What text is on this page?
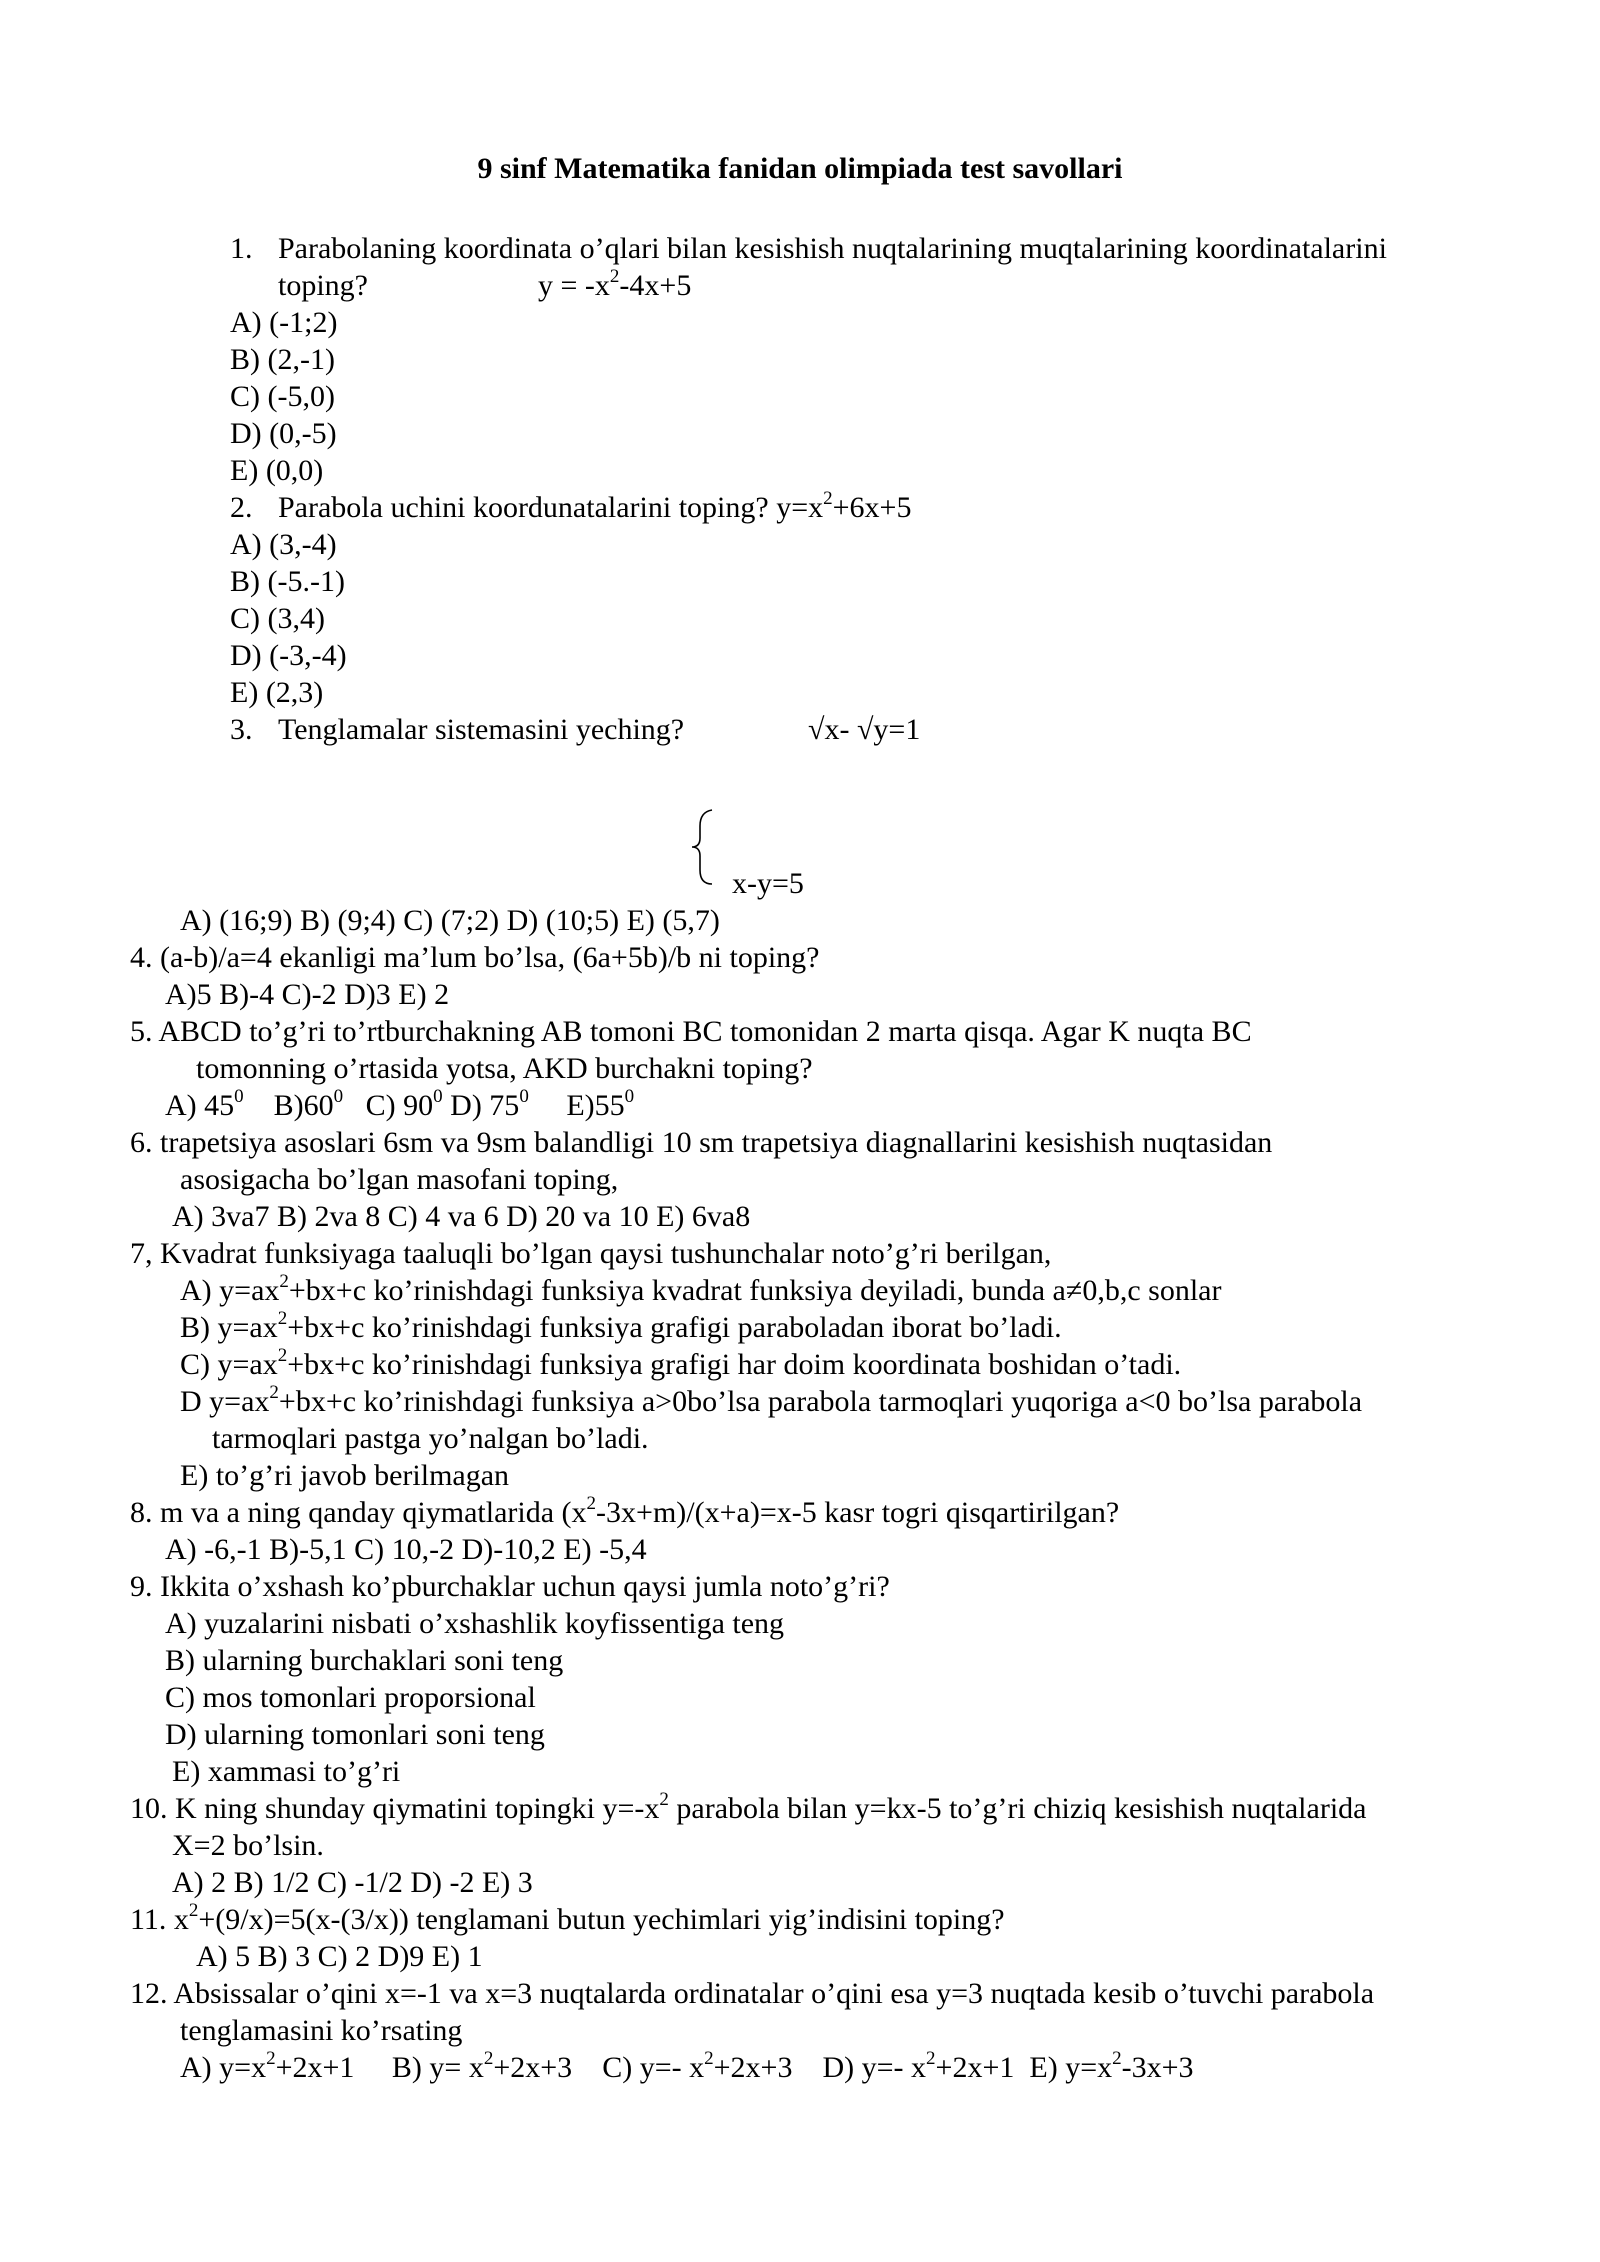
9 sinf Matematika fanidan olimpiada test savollari
1. Parabolaning koordinata o’qlari bilan kesishish nuqtalarining muqtalarining koordinatalarini
toping?	$y = -x^2-4x+5$
A) (-1;2)
B) (2,-1)
C) (-5,0)
D) (0,-5)
E) (0,0)
2. Parabola uchini koordunatalarini toping? $y=x^2+6x+5$
A) (3,-4)
B) (-5.-1)
C) (3,4)
D) (-3,-4)
E) (2,3)
3. Tenglamalar sistemasini yeching?	√x- √y=1
x-y=5
A) (16;9) B) (9;4) C) (7;2) D) (10;5) E) (5,7)
4. (a-b)/a=4 ekanligi ma’lum bo’lsa, (6a+5b)/b ni toping?
A)5 B)-4 C)-2 D)3 E) 2
5. ABCD to’g’ri to’rtburchakning AB tomoni BC tomonidan 2 marta qisqa. Agar K nuqta BC
tomonning o’rtasida yotsa, AKD burchakni toping?
A) $45^0$ $B)60^0$ C) $90^0$ D) $75^0$ $E)55^0$
6. trapetsiya asoslari 6sm va 9sm balandligi 10 sm trapetsiya diagnallarini kesishish nuqtasidan
asosigacha bo’lgan masofani toping,
A) 3va7 B) 2va 8 C) 4 va 6 D) 20 va 10 E) 6va8
7, Kvadrat funksiyaga taaluqli bo’lgan qaysi tushunchalar noto’g’ri berilgan,
A) $y=ax^2+bx+c$ ko’rinishdagi funksiya kvadrat funksiya deyiladi, bunda a≠0,b,c sonlar
B) $y=ax^2+bx+c$ ko’rinishdagi funksiya grafigi paraboladan iborat bo’ladi.
C) $y=ax^2+bx+c$ ko’rinishdagi funksiya grafigi har doim koordinata boshidan o’tadi.
D $y=ax^2+bx+c$ ko’rinishdagi funksiya a>0bo’lsa parabola tarmoqlari yuqoriga a<0 bo’lsa parabola
tarmoqlari pastga yo’nalgan bo’ladi.
E) to’g’ri javob berilmagan
8. m va a ning qanday qiymatlarida $(x^2-3x+m)/(x+a)=x-5$ kasr togri qisqartirilgan?
A) -6,-1 B)-5,1 C) 10,-2 D)-10,2 E) -5,4
9. Ikkita o’xshash ko’pburchaklar uchun qaysi jumla noto’g’ri?
A) yuzalarini nisbati o’xshashlik koyfissentiga teng
B) ularning burchaklari soni teng
C) mos tomonlari proporsional
D) ularning tomonlari soni teng
E) xammasi to’g’ri
10. K ning shunday qiymatini topingki $y=-x^2$ parabola bilan y=kx-5 to’g’ri chiziq kesishish nuqtalarida
X=2 bo’lsin.
A) 2 B) 1/2 C) -1/2 D) -2 E) 3
11. $x^2+(9/x)=5(x-(3/x))$ tenglamani butun yechimlari yig’indisini toping?
A) 5 B) 3 C) 2 D)9 E) 1
12. Absissalar o’qini x=-1 va x=3 nuqtalarda ordinatalar o’qini esa y=3 nuqtada kesib o’tuvchi parabola
tenglamasini ko’rsating
A) $y=x^2+2x+1$ B) $y= x^2+2x+3$ C) y=- $x^2+2x+3$ D) y=- $x^2+2x+1$ E) $y=x^2-3x+3$
